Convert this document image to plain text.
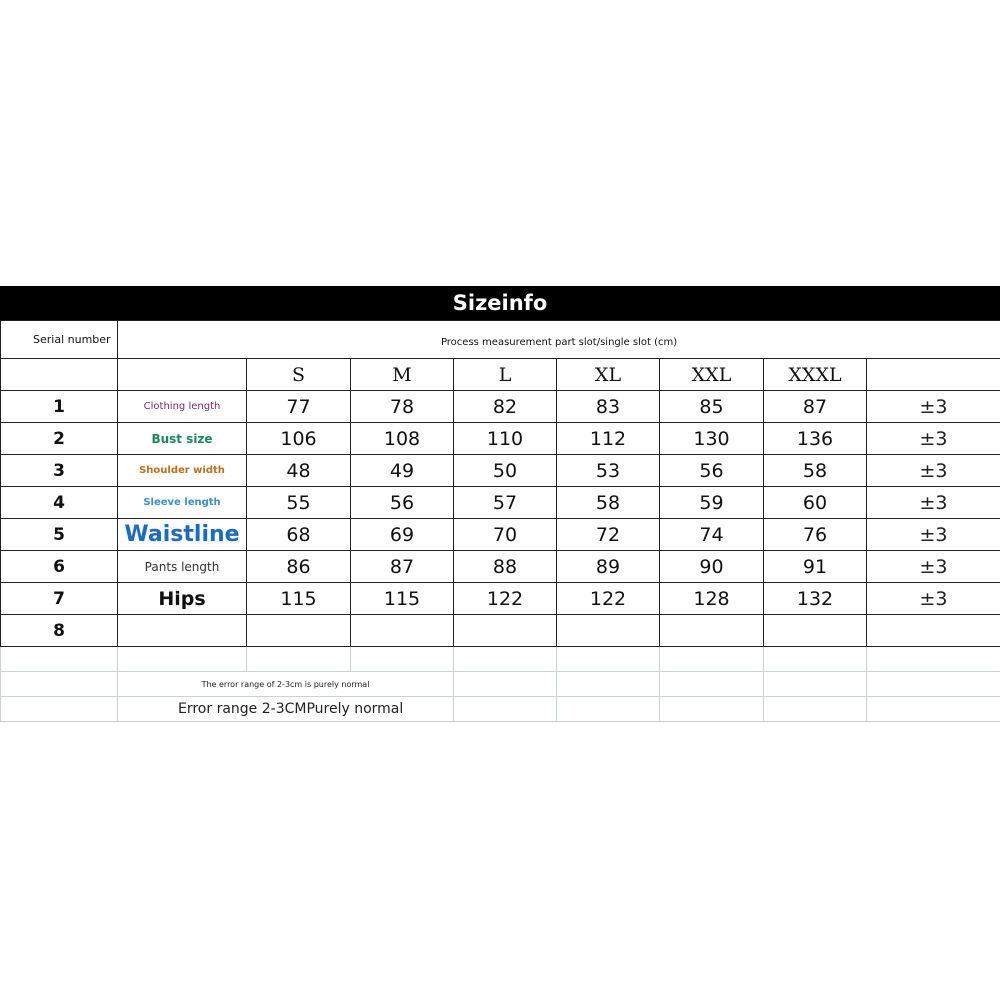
Sizeinfo
Serial number	Process measurement part slot/single slot (cm)							
		S	M	L	XL	XXL	XXXL	
1	Clothing length	77	78	82	83	85	87	±3
2	Bust size	106	108	110	112	130	136	±3
3	Shoulder width	48	49	50	53	56	58	±3
4	Sleeve length	55	56	57	58	59	60	±3
5	Waistline	68	69	70	72	74	76	±3
6	Pants length	86	87	88	89	90	91	±3
7	Hips	115	115	122	122	128	132	±3
8								

	The error range of 2-3cm is purely normal							
	Error range 2-3CMPurely normal							
